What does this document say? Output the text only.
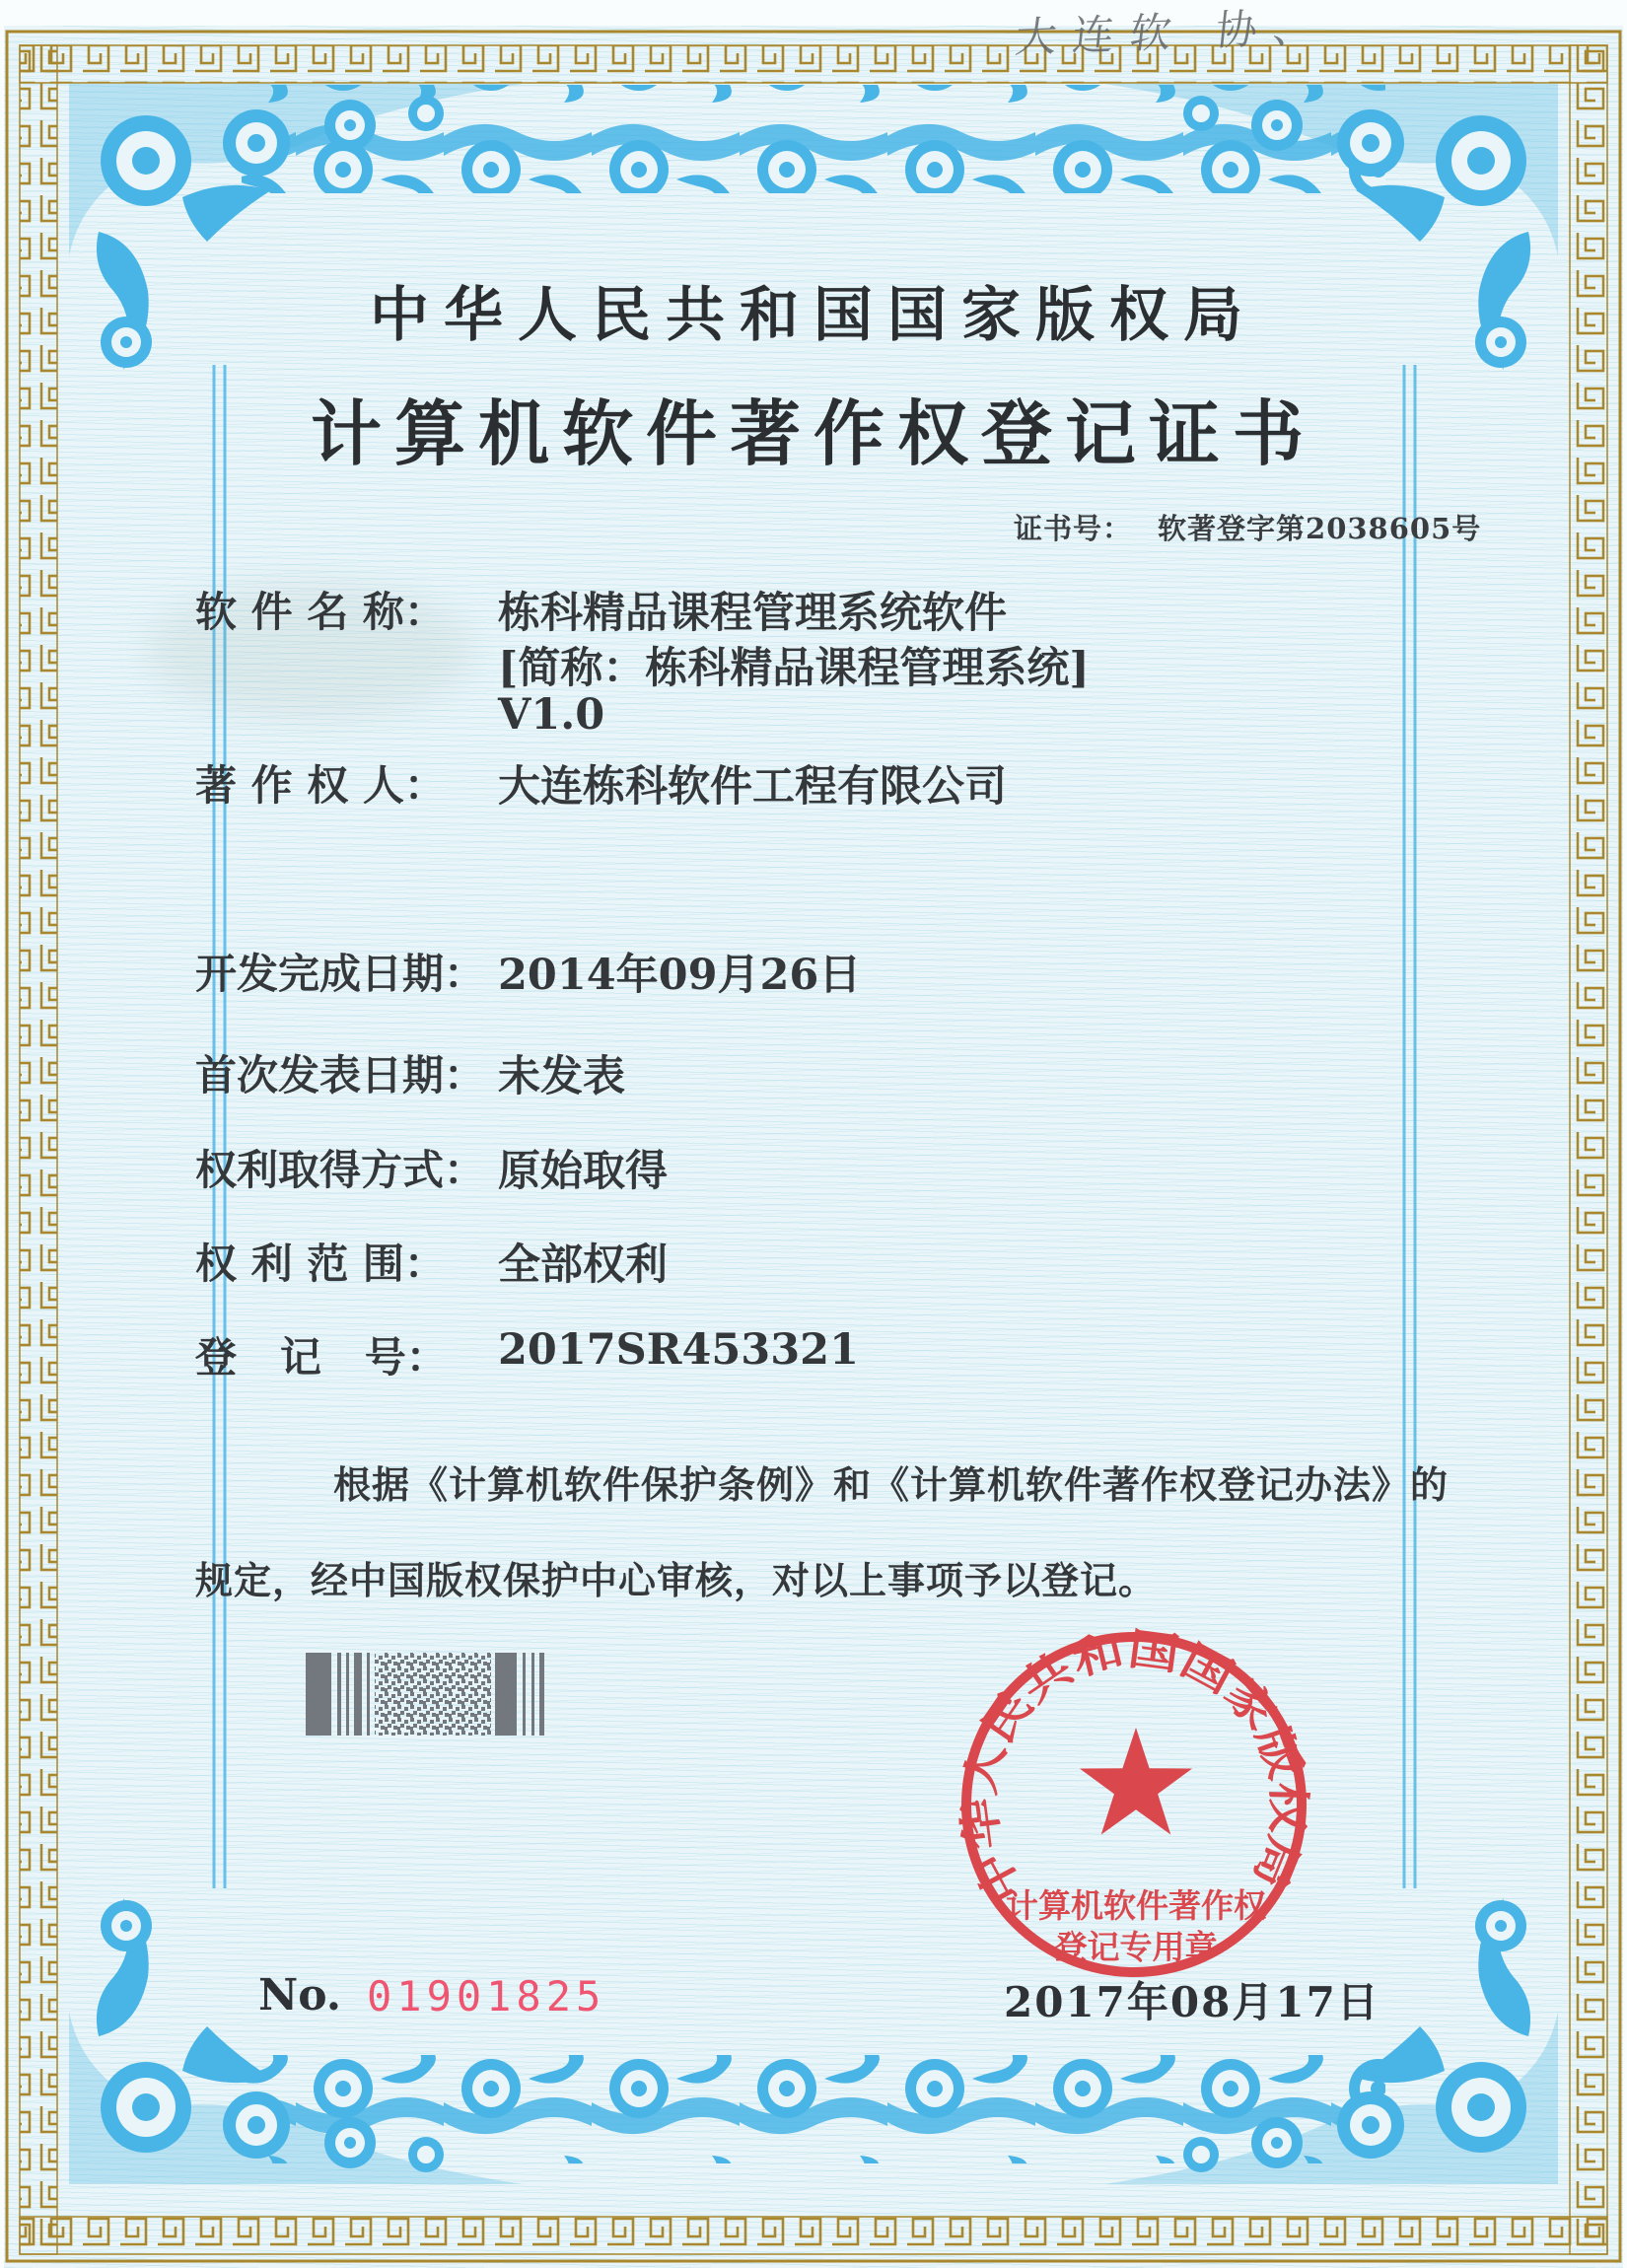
中华人民共和国国家版权局
计算机软件著作权登记证书
证书号： 软著登字第2038605号
软 件 名 称： 栋科精品课程管理系统软件
[简称：栋科精品课程管理系统]
V1.0
著 作 权 人： 大连栋科软件工程有限公司
开发完成日期： 2014年09月26日
首次发表日期： 未发表
权利取得方式： 原始取得
权 利 范 围： 全部权利
登   记   号： 2017SR453321
根据《计算机软件保护条例》和《计算机软件著作权登记办法》的
规定，经中国版权保护中心审核，对以上事项予以登记。
中华人民共和国国家版权局
计算机软件著作权
登记专用章
No. 01901825	2017年08月17日
大连软 协、
